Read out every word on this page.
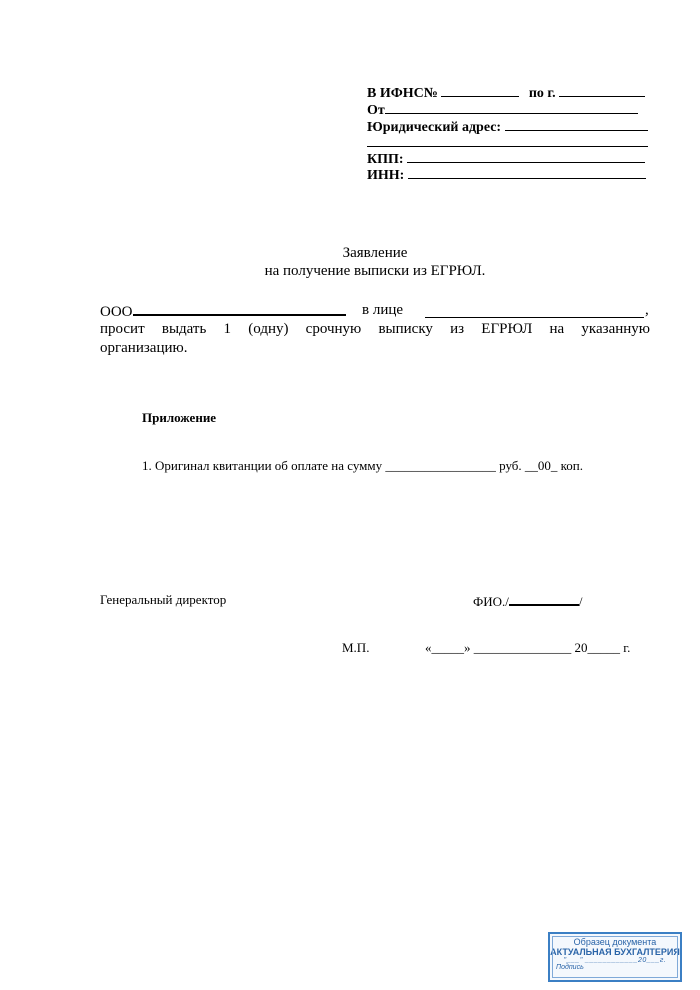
В ИФНС№	по г.
От
Юридический адрес:
КПП:
ИНН:
Заявление
на получение выписки из ЕГРЮЛ.
ООО	в лице	,
просит выдать 1 (одну) срочную выписку из ЕГРЮЛ на указанную
организацию.
Приложение
1. Оригинал квитанции об оплате на сумму _________________ руб. __00_ коп.
Генеральный директор	ФИО./	/
М.П.	«_____» _______________ 20_____ г.
Образец документа
АКТУАЛЬНАЯ БУХГАЛТЕРИЯ
"___" ____________20___г.
Подпись
